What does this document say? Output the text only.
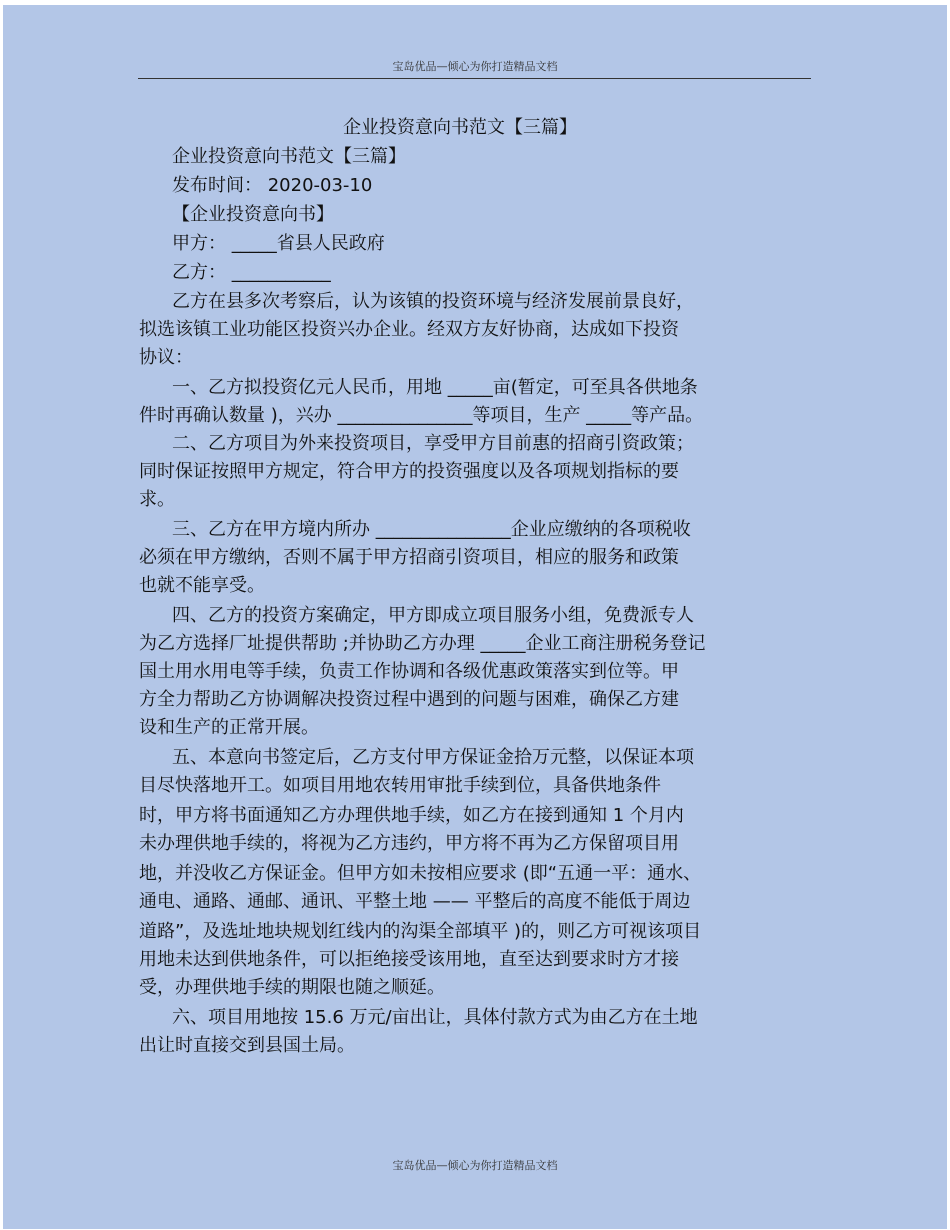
宝岛优品—倾心为你打造精品文档
企业投资意向书范文【三篇】
企业投资意向书范文【三篇】
发布时间： 2020-03-10
【企业投资意向书】
甲方： _____省县人民政府
乙方： ___________
乙方在县多次考察后，认为该镇的投资环境与经济发展前景良好，
拟选该镇工业功能区投资兴办企业。经双方友好协商，达成如下投资
协议：
一、乙方拟投资亿元人民币，用地 _____亩(暂定，可至具各供地条
件时再确认数量 )，兴办 _______________等项目，生产 _____等产品。
二、乙方项目为外来投资项目，享受甲方目前惠的招商引资政策；
同时保证按照甲方规定，符合甲方的投资强度以及各项规划指标的要
求。
三、乙方在甲方境内所办 _______________企业应缴纳的各项税收
必须在甲方缴纳，否则不属于甲方招商引资项目，相应的服务和政策
也就不能享受。
四、乙方的投资方案确定，甲方即成立项目服务小组，免费派专人
为乙方选择厂址提供帮助 ;并协助乙方办理 _____企业工商注册税务登记
国土用水用电等手续，负责工作协调和各级优惠政策落实到位等。甲
方全力帮助乙方协调解决投资过程中遇到的问题与困难，确保乙方建
设和生产的正常开展。
五、本意向书签定后，乙方支付甲方保证金拾万元整，以保证本项
目尽快落地开工。如项目用地农转用审批手续到位，具备供地条件
时，甲方将书面通知乙方办理供地手续，如乙方在接到通知 1 个月内
未办理供地手续的，将视为乙方违约，甲方将不再为乙方保留项目用
地，并没收乙方保证金。但甲方如未按相应要求 (即“五通一平：通水、
通电、通路、通邮、通讯、平整土地 —— 平整后的高度不能低于周边
道路”，及选址地块规划红线内的沟渠全部填平 )的，则乙方可视该项目
用地未达到供地条件，可以拒绝接受该用地，直至达到要求时方才接
受，办理供地手续的期限也随之顺延。
六、项目用地按 15.6 万元/亩出让，具体付款方式为由乙方在土地
出让时直接交到县国土局。
宝岛优品—倾心为你打造精品文档
